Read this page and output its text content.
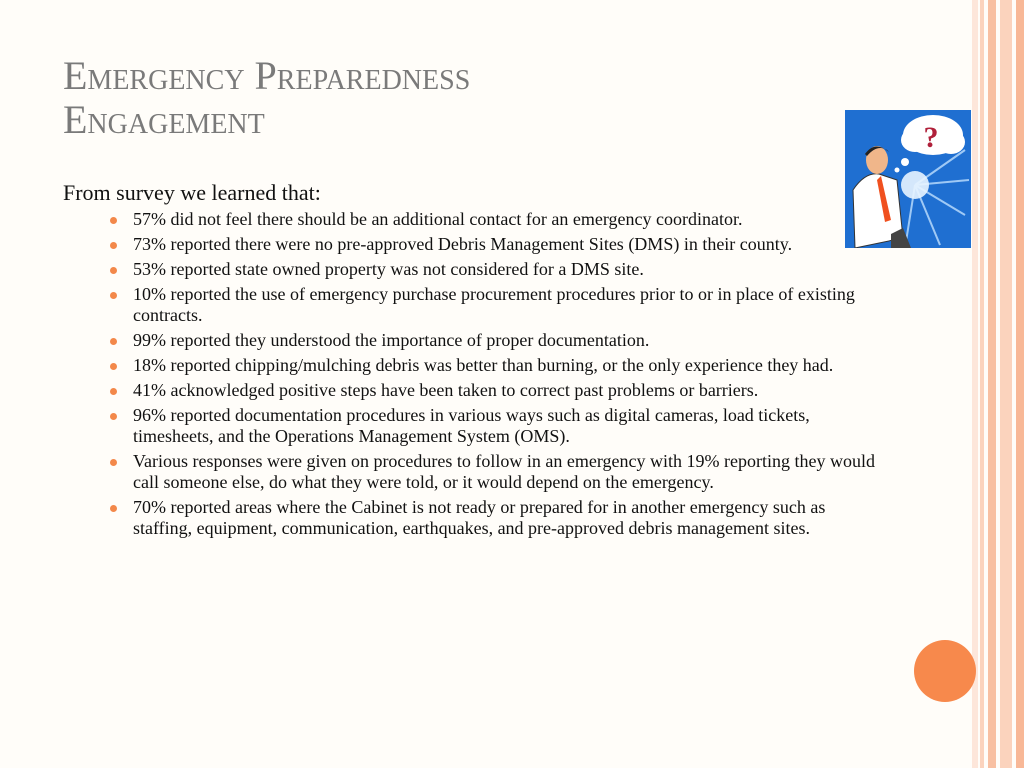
Emergency Preparedness
Engagement	?

From survey we learned that:

57% did not feel there should be an additional contact for an emergency coordinator.
73% reported there were no pre-approved Debris Management Sites (DMS) in their county.
53% reported state owned property was not considered for a DMS site.
10% reported the use of emergency purchase procurement procedures prior to or in place of existing contracts.
99% reported they understood the importance of proper documentation.
18% reported chipping/mulching debris was better than burning, or the only experience they had.
41% acknowledged positive steps have been taken to correct past problems or barriers.
96% reported documentation procedures in various ways such as digital cameras, load tickets, timesheets, and the Operations Management System (OMS).
Various responses were given on procedures to follow in an emergency with 19% reporting they would call someone else, do what they were told, or it would depend on the emergency.
70% reported areas where the Cabinet is not ready or prepared for in another emergency such as staffing, equipment, communication, earthquakes, and pre-approved debris management sites.
